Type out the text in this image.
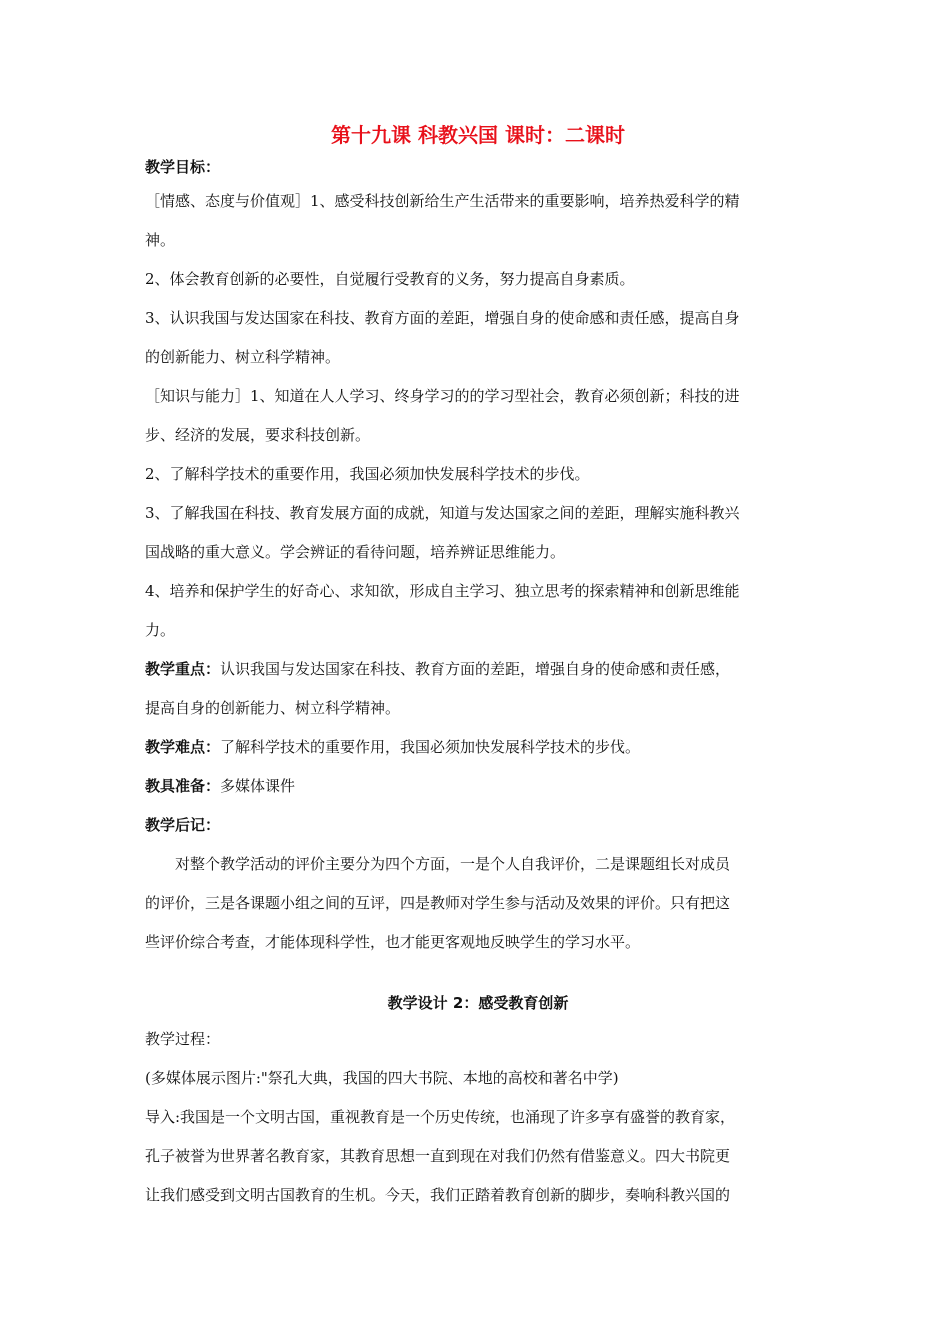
第十九课 科教兴国 课时：二课时

教学目标：

［情感、态度与价值观］1、感受科技创新给生产生活带来的重要影响，培养热爱科学的精

神。

2、体会教育创新的必要性，自觉履行受教育的义务，努力提高自身素质。

3、认识我国与发达国家在科技、教育方面的差距，增强自身的使命感和责任感，提高自身

的创新能力、树立科学精神。

［知识与能力］1、知道在人人学习、终身学习的的学习型社会，教育必须创新；科技的进

步、经济的发展，要求科技创新。

2、了解科学技术的重要作用，我国必须加快发展科学技术的步伐。

3、了解我国在科技、教育发展方面的成就，知道与发达国家之间的差距，理解实施科教兴

国战略的重大意义。学会辨证的看待问题，培养辨证思维能力。

4、培养和保护学生的好奇心、求知欲，形成自主学习、独立思考的探索精神和创新思维能

力。

教学重点：认识我国与发达国家在科技、教育方面的差距，增强自身的使命感和责任感，

提高自身的创新能力、树立科学精神。

教学难点：了解科学技术的重要作用，我国必须加快发展科学技术的步伐。

教具准备：多媒体课件

教学后记：

对整个教学活动的评价主要分为四个方面，一是个人自我评价，二是课题组长对成员

的评价，三是各课题小组之间的互评，四是教师对学生参与活动及效果的评价。只有把这

些评价综合考查，才能体现科学性，也才能更客观地反映学生的学习水平。

教学设计 2：感受教育创新

教学过程：

(多媒体展示图片:"祭孔大典，我国的四大书院、本地的高校和著名中学)

导入:我国是一个文明古国，重视教育是一个历史传统，也涌现了许多享有盛誉的教育家，

孔子被誉为世界著名教育家，其教育思想一直到现在对我们仍然有借鉴意义。四大书院更

让我们感受到文明古国教育的生机。今天，我们正踏着教育创新的脚步，奏响科教兴国的
